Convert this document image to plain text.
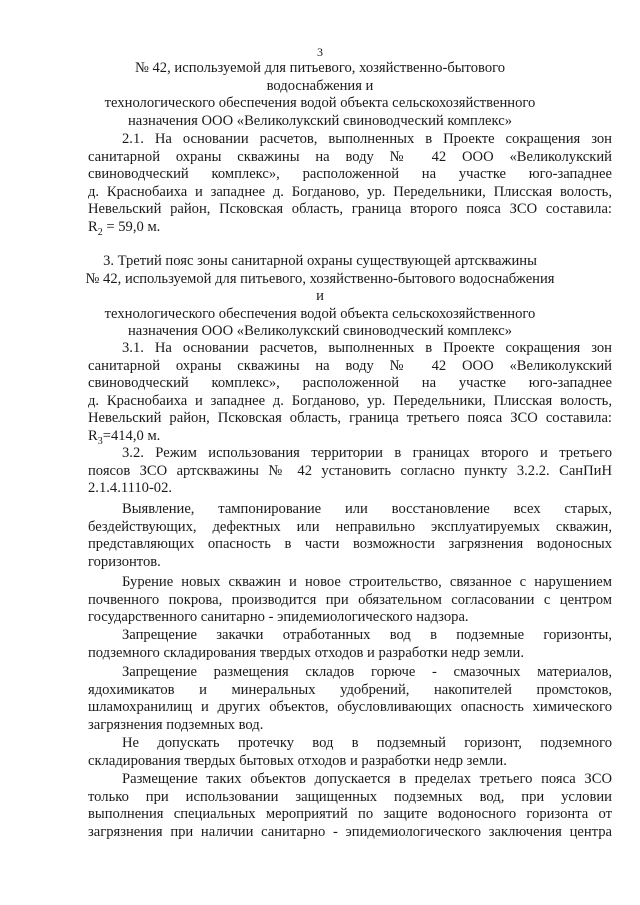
3
№ 42, используемой для питьевого, хозяйственно-бытового водоснабжения и
технологического обеспечения водой объекта сельскохозяйственного
назначения ООО «Великолукский свиноводческий комплекс»
2.1. На основании расчетов, выполненных в Проекте сокращения зон
санитарной охраны скважины на воду № 42 ООО «Великолукский
свиноводческий комплекс», расположенной на участке юго-западнее
д. Краснобаиха и западнее д. Богданово, ур. Передельники, Плисская волость,
Невельский район, Псковская область, граница второго пояса ЗСО составила:
$R_2 = 59,0$ м.
3. Третий пояс зоны санитарной охраны существующей артскважины
№ 42, используемой для питьевого, хозяйственно-бытового водоснабжения и
технологического обеспечения водой объекта сельскохозяйственного
назначения ООО «Великолукский свиноводческий комплекс»
3.1. На основании расчетов, выполненных в Проекте сокращения зон
санитарной охраны скважины на воду № 42 ООО «Великолукский
свиноводческий комплекс», расположенной на участке юго-западнее
д. Краснобаиха и западнее д. Богданово, ур. Передельники, Плисская волость,
Невельский район, Псковская область, граница третьего пояса ЗСО составила:
$R_3=414,0$ м.
3.2. Режим использования территории в границах второго и третьего
поясов ЗСО артскважины № 42 установить согласно пункту 3.2.2. СанПиН
2.1.4.1110-02.
Выявление, тампонирование или восстановление всех старых,
бездействующих, дефектных или неправильно эксплуатируемых скважин,
представляющих опасность в части возможности загрязнения водоносных
горизонтов.
Бурение новых скважин и новое строительство, связанное с нарушением
почвенного покрова, производится при обязательном согласовании с центром
государственного санитарно - эпидемиологического надзора.
Запрещение закачки отработанных вод в подземные горизонты,
подземного складирования твердых отходов и разработки недр земли.
Запрещение размещения складов горюче - смазочных материалов,
ядохимикатов и минеральных удобрений, накопителей промстоков,
шламохранилищ и других объектов, обусловливающих опасность химического
загрязнения подземных вод.
Не допускать протечку вод в подземный горизонт, подземного
складирования твердых бытовых отходов и разработки недр земли.
Размещение таких объектов допускается в пределах третьего пояса ЗСО
только при использовании защищенных подземных вод, при условии
выполнения специальных мероприятий по защите водоносного горизонта от
загрязнения при наличии санитарно - эпидемиологического заключения центра
